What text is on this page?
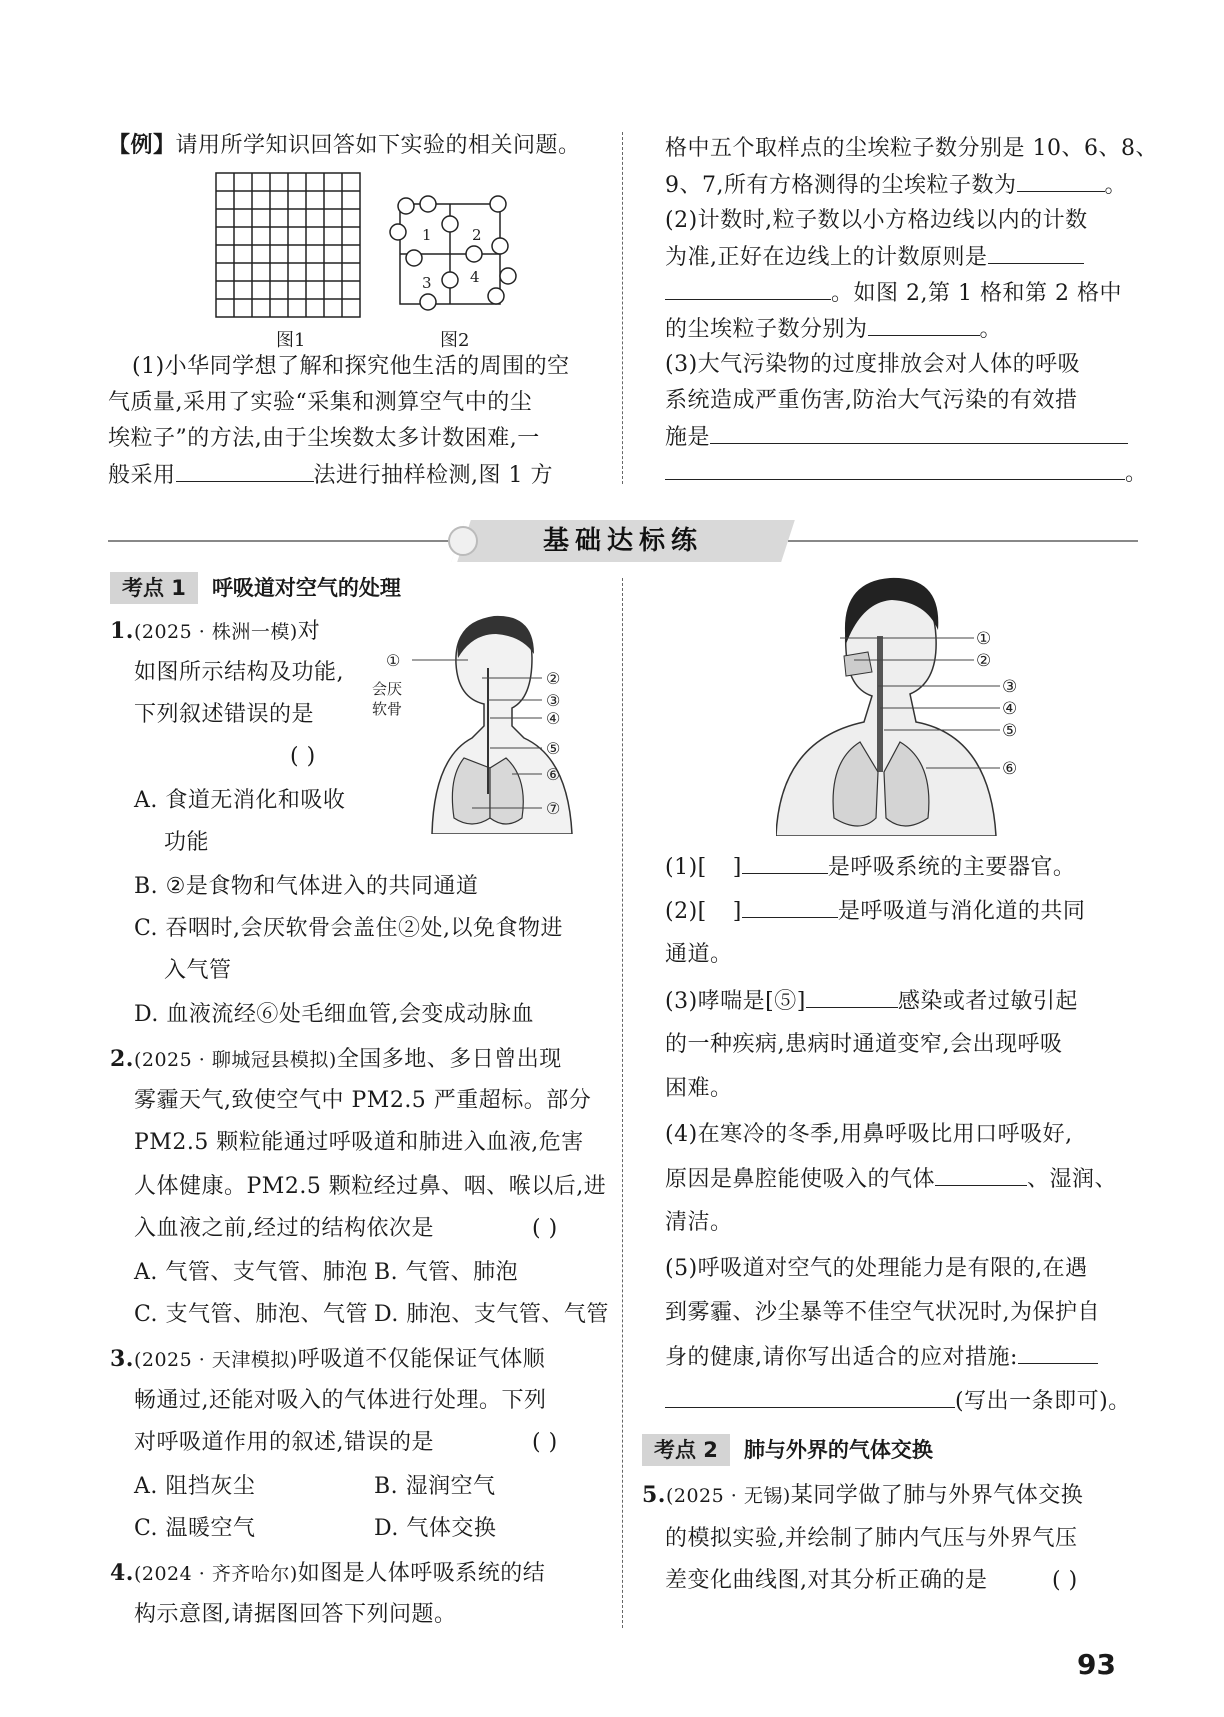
【例】请用所学知识回答如下实验的相关问题。
图1
1	2
3	4
图2
(1)小华同学想了解和探究他生活的周围的空
气质量,采用了实验“采集和测算空气中的尘
埃粒子”的方法,由于尘埃数太多计数困难,一
般采用	法进行抽样检测,图 1 方
格中五个取样点的尘埃粒子数分别是 10、6、8、
9、7,所有方格测得的尘埃粒子数为	。
(2)计数时,粒子数以小方格边线以内的计数
为准,正好在边线上的计数原则是
。如图 2,第 1 格和第 2 格中
的尘埃粒子数分别为	。
(3)大气污染物的过度排放会对人体的呼吸
系统造成严重伤害,防治大气污染的有效措
施是
。
基础达标练
考点 1 呼吸道对空气的处理
1.(2025 · 株洲一模)对
如图所示结构及功能,
下列叙述错误的是
( )
A. 食道无消化和吸收
功能
B. ②是食物和气体进入的共同通道
C. 吞咽时,会厌软骨会盖住②处,以免食物进
入气管
D. 血液流经⑥处毛细血管,会变成动脉血
①
②
③
④
⑤
⑥
⑦
会厌
软骨
2.(2025 · 聊城冠县模拟)全国多地、多日曾出现
雾霾天气,致使空气中 PM2.5 严重超标。部分
PM2.5 颗粒能通过呼吸道和肺进入血液,危害
人体健康。PM2.5 颗粒经过鼻、咽、喉以后,进
入血液之前,经过的结构依次是	( )
A. 气管、支气管、肺泡 B. 气管、肺泡
C. 支气管、肺泡、气管 D. 肺泡、支气管、气管
3.(2025 · 天津模拟)呼吸道不仅能保证气体顺
畅通过,还能对吸入的气体进行处理。下列
对呼吸道作用的叙述,错误的是	( )
A. 阻挡灰尘	B. 湿润空气
C. 温暖空气	D. 气体交换
4.(2024 · 齐齐哈尔)如图是人体呼吸系统的结
构示意图,请据图回答下列问题。
①
②
③
④
⑤
⑥
(1)[ ]	是呼吸系统的主要器官。
(2)[ ]	是呼吸道与消化道的共同
通道。
(3)哮喘是[⑤]	感染或者过敏引起
的一种疾病,患病时通道变窄,会出现呼吸
困难。
(4)在寒冷的冬季,用鼻呼吸比用口呼吸好,
原因是鼻腔能使吸入的气体	、湿润、
清洁。
(5)呼吸道对空气的处理能力是有限的,在遇
到雾霾、沙尘暴等不佳空气状况时,为保护自
身的健康,请你写出适合的应对措施:
(写出一条即可)。
考点 2 肺与外界的气体交换
5.(2025 · 无锡)某同学做了肺与外界气体交换
的模拟实验,并绘制了肺内气压与外界气压
差变化曲线图,对其分析正确的是	( )
93
